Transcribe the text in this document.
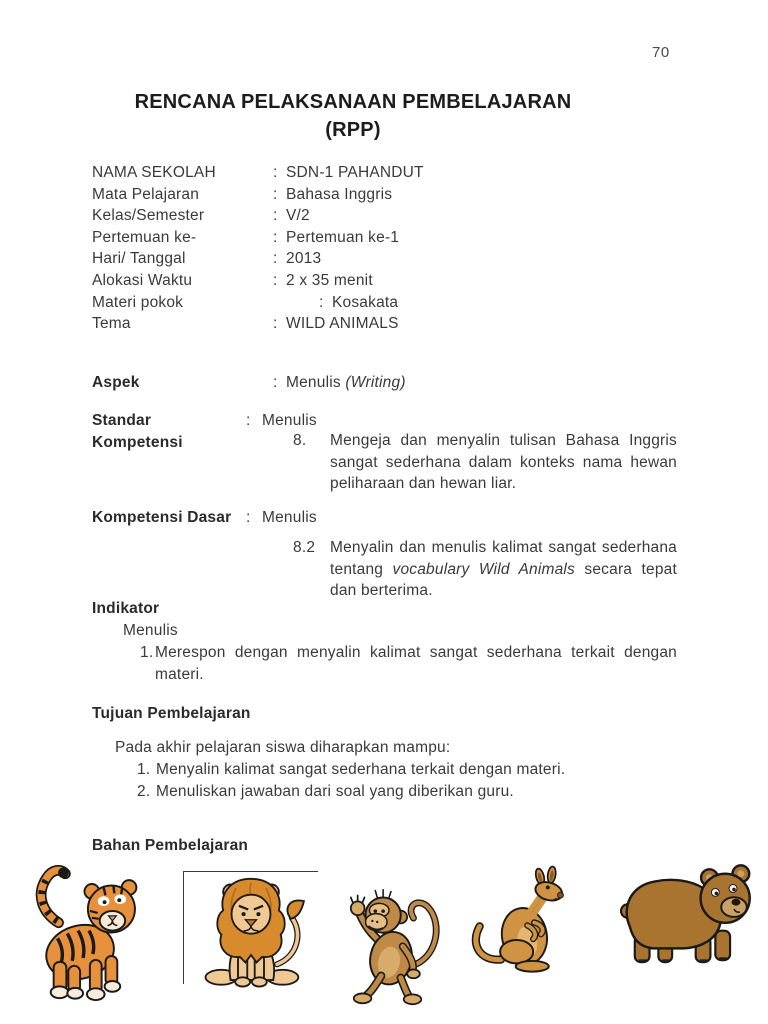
70
RENCANA PELAKSANAAN PEMBELAJARAN
(RPP)
NAMA SEKOLAH	: SDN-1 PAHANDUT
Mata Pelajaran	: Bahasa Inggris
Kelas/Semester	: V/2
Pertemuan ke-	: Pertemuan ke-1
Hari/ Tanggal	: 2013
Alokasi Waktu	: 2 x 35 menit
Materi pokok	: Kosakata
Tema	: WILD ANIMALS
Aspek	: Menulis (Writing)
Standar Kompetensi
: Menulis
8. Mengeja dan menyalin tulisan Bahasa Inggris sangat sederhana dalam konteks nama hewan peliharaan dan hewan liar.
Kompetensi Dasar : Menulis
8.2 Menyalin dan menulis kalimat sangat sederhana tentang vocabulary Wild Animals secara tepat dan berterima.
Indikator
Menulis
1. Merespon dengan menyalin kalimat sangat sederhana terkait dengan materi.
Tujuan Pembelajaran
Pada akhir pelajaran siswa diharapkan mampu:
1. Menyalin kalimat sangat sederhana terkait dengan materi.
2. Menuliskan jawaban dari soal yang diberikan guru.
Bahan Pembelajaran
